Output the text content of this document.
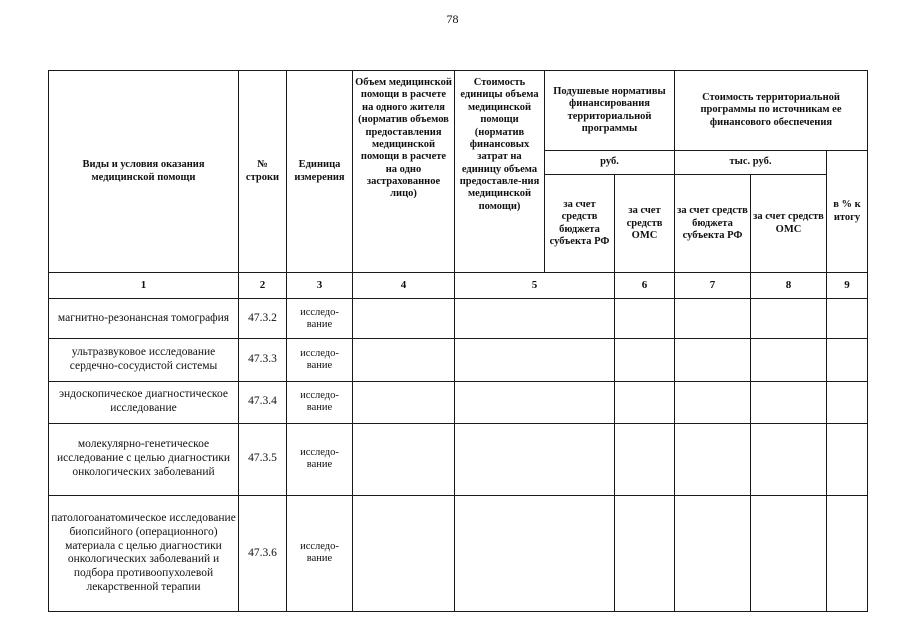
78
Виды и условия оказания медицинской помощи	№ строки	Единица измерения	Объем медицинской помощи в расчете на одного жителя (норматив объемов предоставления медицинской помощи в расчете на одно застрахованное лицо)	Стоимость единицы объема медицинской помощи (норматив финансовых затрат на единицу объема предоставле-ния медицинской помощи)	Подушевые нормативы финансирования территориальной программы		Стоимость территориальной программы по источникам ее финансового обеспечения		
					руб.		тыс. руб.		в % к итогу
					за счет средств бюджета субъекта РФ	за счет средств ОМС	за счет средств бюджета субъекта РФ	за счет средств ОМС	
1	2	3	4	5		6	7	8	9
магнитно-резонансная томография	47.3.2	исследо-вание							
ультразвуковое исследование сердечно-сосудистой системы	47.3.3	исследо-вание							
эндоскопическое диагностическое исследование	47.3.4	исследо-вание							
молекулярно-генетическое исследование с целью диагностики онкологических заболеваний	47.3.5	исследо-вание							
патологоанатомическое исследование биопсийного (операционного) материала с целью диагностики онкологических заболеваний и подбора противоопухолевой лекарственной терапии	47.3.6	исследо-вание							
